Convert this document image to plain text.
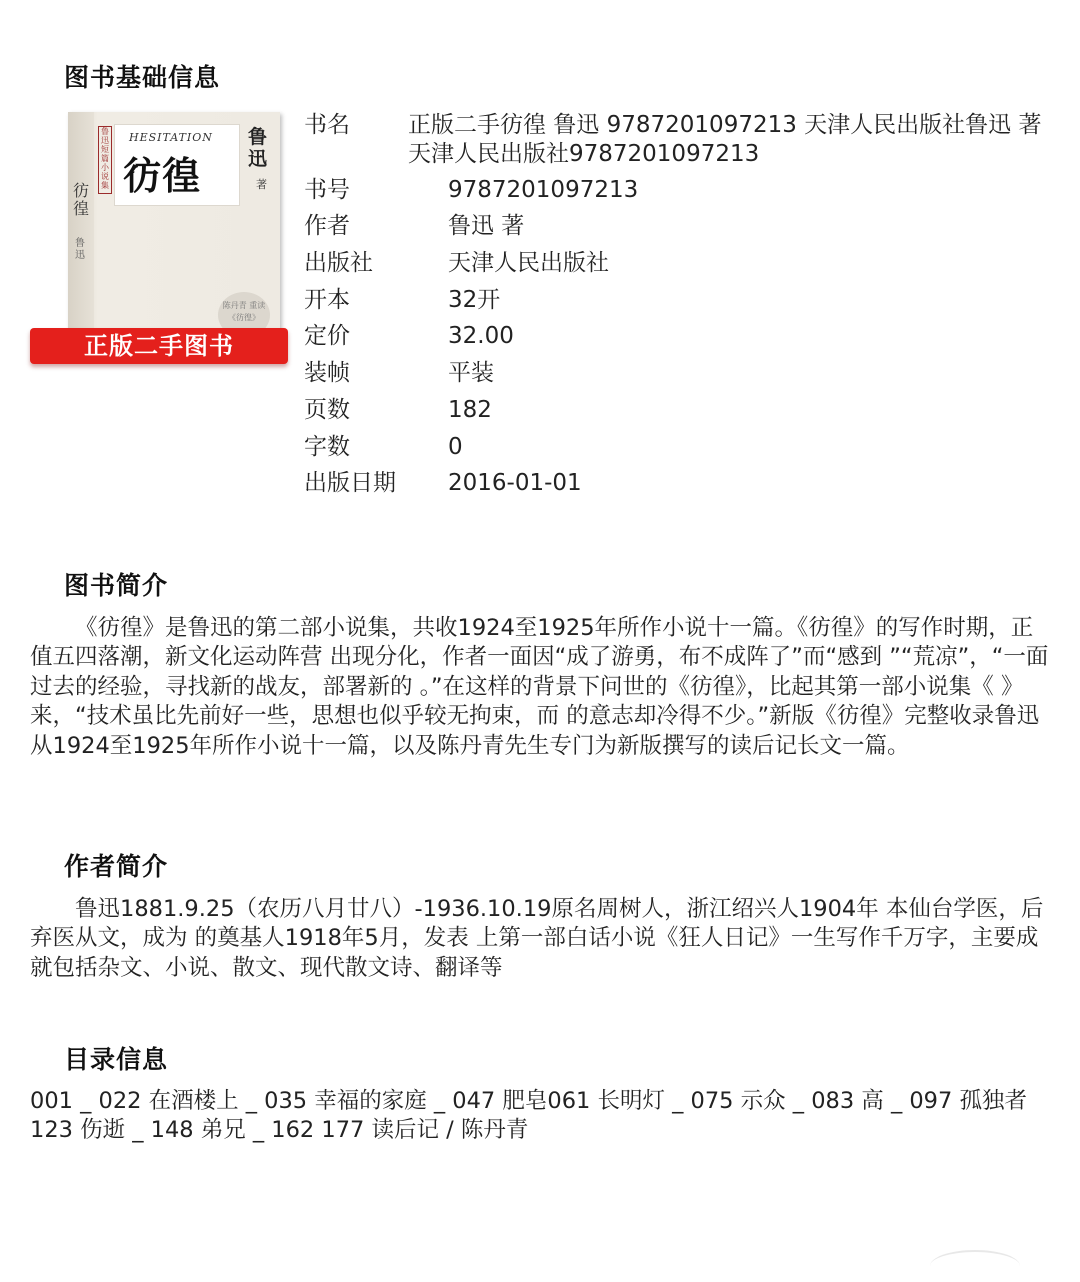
图书基础信息
彷徨
鲁迅
鲁迅短篇小说集
HESITATION
彷徨
鲁迅
著
陈丹青 重读《彷徨》
正版二手图书
书名	正版二手彷徨 鲁迅 9787201097213 天津人民出版社鲁迅 著天津人民出版社9787201097213
书号	9787201097213
作者	鲁迅 著
出版社	天津人民出版社
开本	32开
定价	32.00
装帧	平装
页数	182
字数	0
出版日期	2016-01-01
图书简介

《彷徨》是鲁迅的第二部小说集，共收1924至1925年所作小说十一篇。《彷徨》的写作时期，正值五四落潮，新文化运动阵营 出现分化，作者一面因“成了游勇，布不成阵了”而“感到 ”“荒凉”，“一面 过去的经验，寻找新的战友，部署新的 。”在这样的背景下问世的《彷徨》，比起其第一部小说集《 》来，“技术虽比先前好一些，思想也似乎较无拘束，而 的意志却冷得不少。”新版《彷徨》完整收录鲁迅从1924至1925年所作小说十一篇，以及陈丹青先生专门为新版撰写的读后记长文一篇。

作者简介

鲁迅1881.9.25（农历八月廿八）-1936.10.19原名周树人，浙江绍兴人1904年 本仙台学医，后弃医从文，成为 的奠基人1918年5月，发表 上第一部白话小说《狂人日记》一生写作千万字，主要成就包括杂文、小说、散文、现代散文诗、翻译等

目录信息

001 _ 022 在酒楼上 _ 035 幸福的家庭 _ 047 肥皂061 长明灯 _ 075 示众 _ 083 高 _ 097 孤独者123 伤逝 _ 148 弟兄 _ 162 177 读后记 / 陈丹青
